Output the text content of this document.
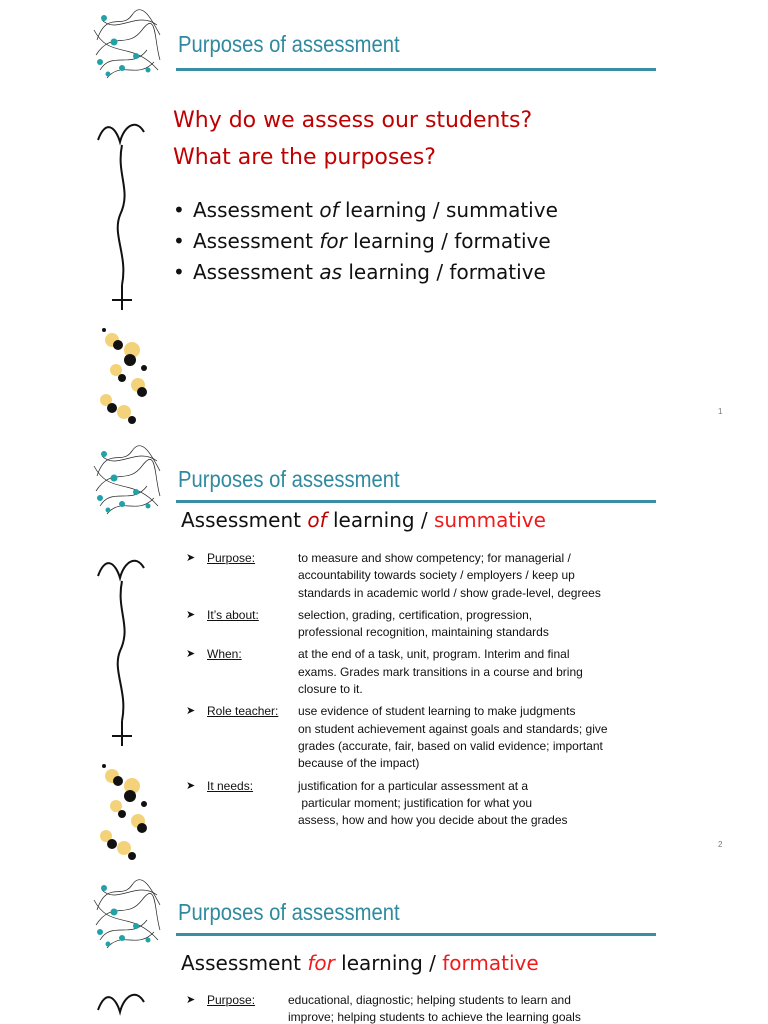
Purposes of assessment
Why do we assess our students?
What are the purposes?
• Assessment of learning / summative
• Assessment for learning / formative
• Assessment as learning / formative
1
Purposes of assessment
Assessment of learning / summative
➤ Purpose:	to measure and show competency; for managerial /
accountability towards society / employers / keep up
standards in academic world / show grade-level, degrees
➤ It’s about:	selection, grading, certification, progression,
professional recognition, maintaining standards
➤ When:	at the end of a task, unit, program. Interim and final
exams. Grades mark transitions in a course and bring
closure to it.
➤ Role teacher: use evidence of student learning to make judgments
on student achievement against goals and standards; give
grades (accurate, fair, based on valid evidence; important
because of the impact)
➤ It needs:	justification for a particular assessment at a
particular moment; justification for what you
assess, how and how you decide about the grades
2
Purposes of assessment
Assessment for learning / formative
➤ Purpose:	educational, diagnostic; helping students to learn and
improve; helping students to achieve the learning goals
